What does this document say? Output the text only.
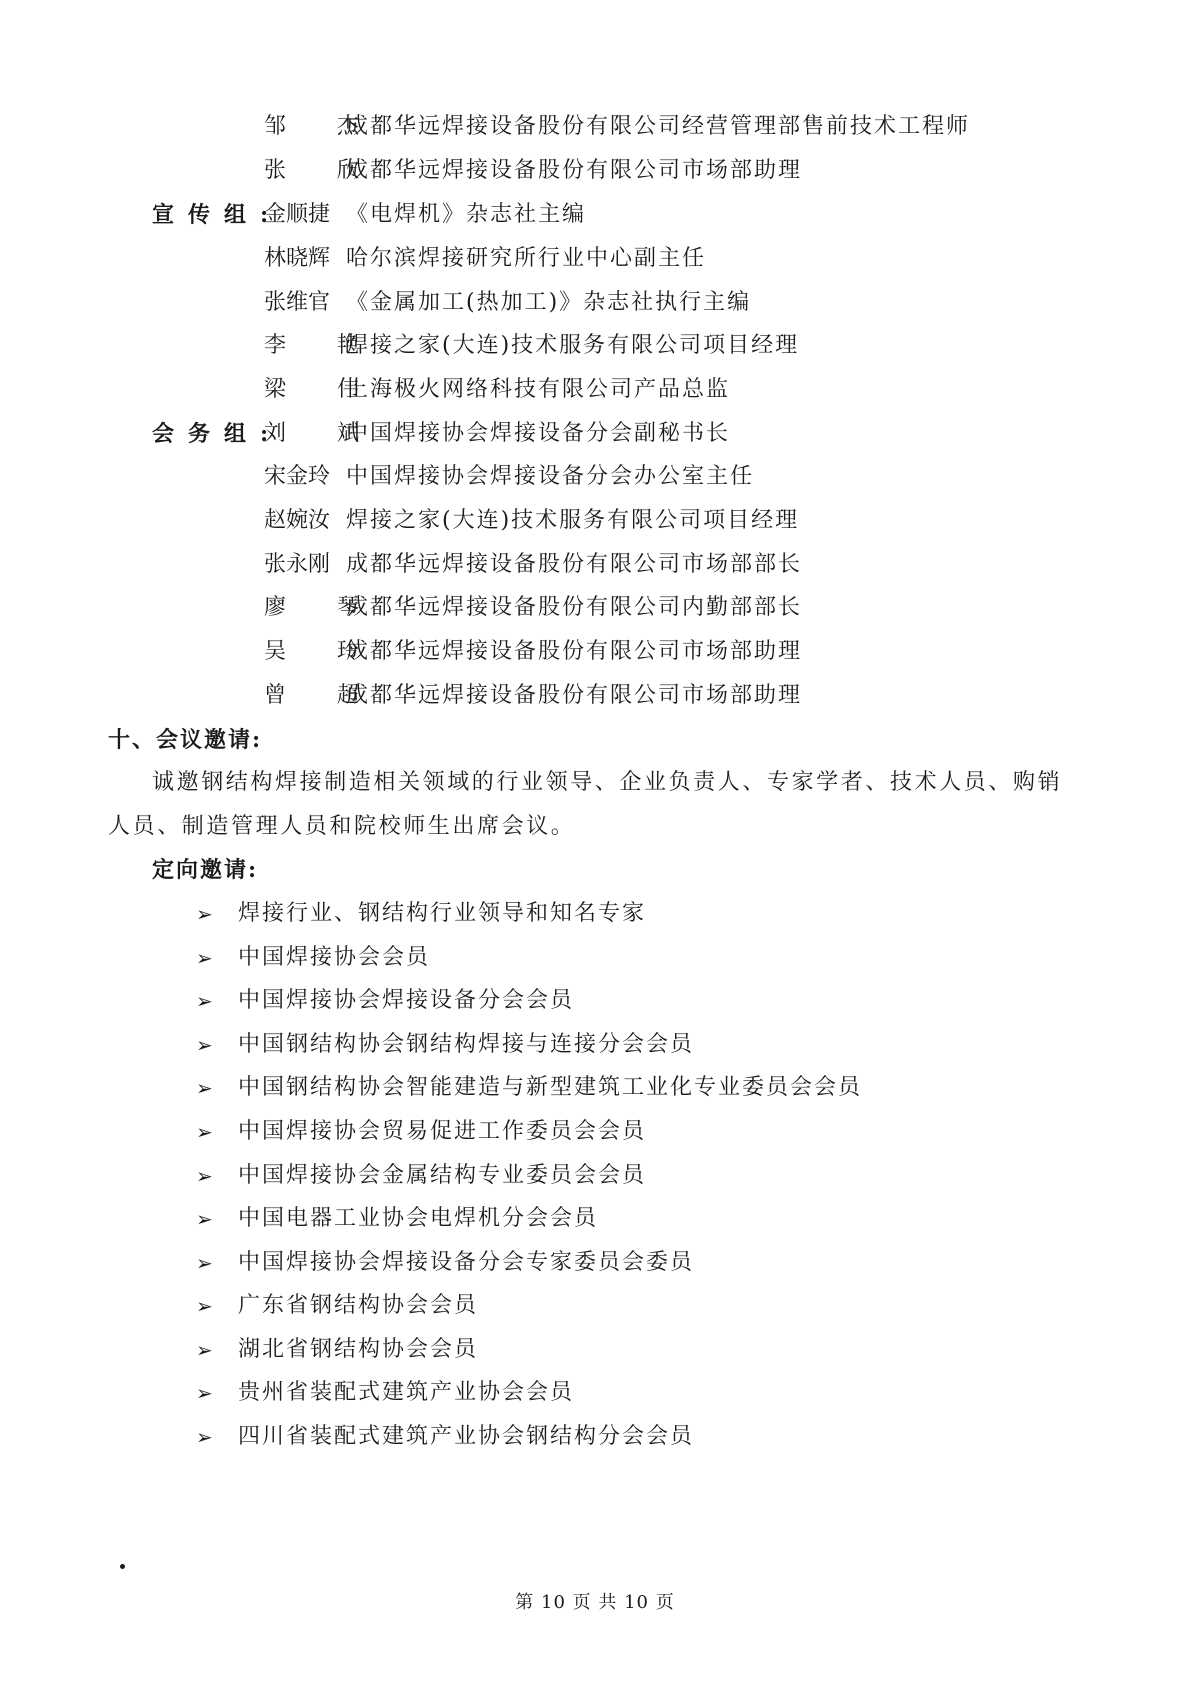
邹 杰成都华远焊接设备股份有限公司经营管理部售前技术工程师
张 欣成都华远焊接设备股份有限公司市场部助理
宣传组:
金顺捷 《电焊机》杂志社主编
林晓辉 哈尔滨焊接研究所行业中心副主任
张维官 《金属加工(热加工)》杂志社执行主编
李 艳焊接之家(大连)技术服务有限公司项目经理
梁 伟上海极火网络科技有限公司产品总监
会务组:
刘 斌中国焊接协会焊接设备分会副秘书长
宋金玲 中国焊接协会焊接设备分会办公室主任
赵婉汝 焊接之家(大连)技术服务有限公司项目经理
张永刚 成都华远焊接设备股份有限公司市场部部长
廖 琴成都华远焊接设备股份有限公司内勤部部长
吴 玲成都华远焊接设备股份有限公司市场部助理
曾 超成都华远焊接设备股份有限公司市场部助理
十、会议邀请:
诚邀钢结构焊接制造相关领域的行业领导、企业负责人、专家学者、技术人员、购销
人员、制造管理人员和院校师生出席会议。
定向邀请:
➢ 焊接行业、钢结构行业领导和知名专家
➢ 中国焊接协会会员
➢ 中国焊接协会焊接设备分会会员
➢ 中国钢结构协会钢结构焊接与连接分会会员
➢ 中国钢结构协会智能建造与新型建筑工业化专业委员会会员
➢ 中国焊接协会贸易促进工作委员会会员
➢ 中国焊接协会金属结构专业委员会会员
➢ 中国电器工业协会电焊机分会会员
➢ 中国焊接协会焊接设备分会专家委员会委员
➢ 广东省钢结构协会会员
➢ 湖北省钢结构协会会员
➢ 贵州省装配式建筑产业协会会员
➢ 四川省装配式建筑产业协会钢结构分会会员
第 10 页 共 10 页
